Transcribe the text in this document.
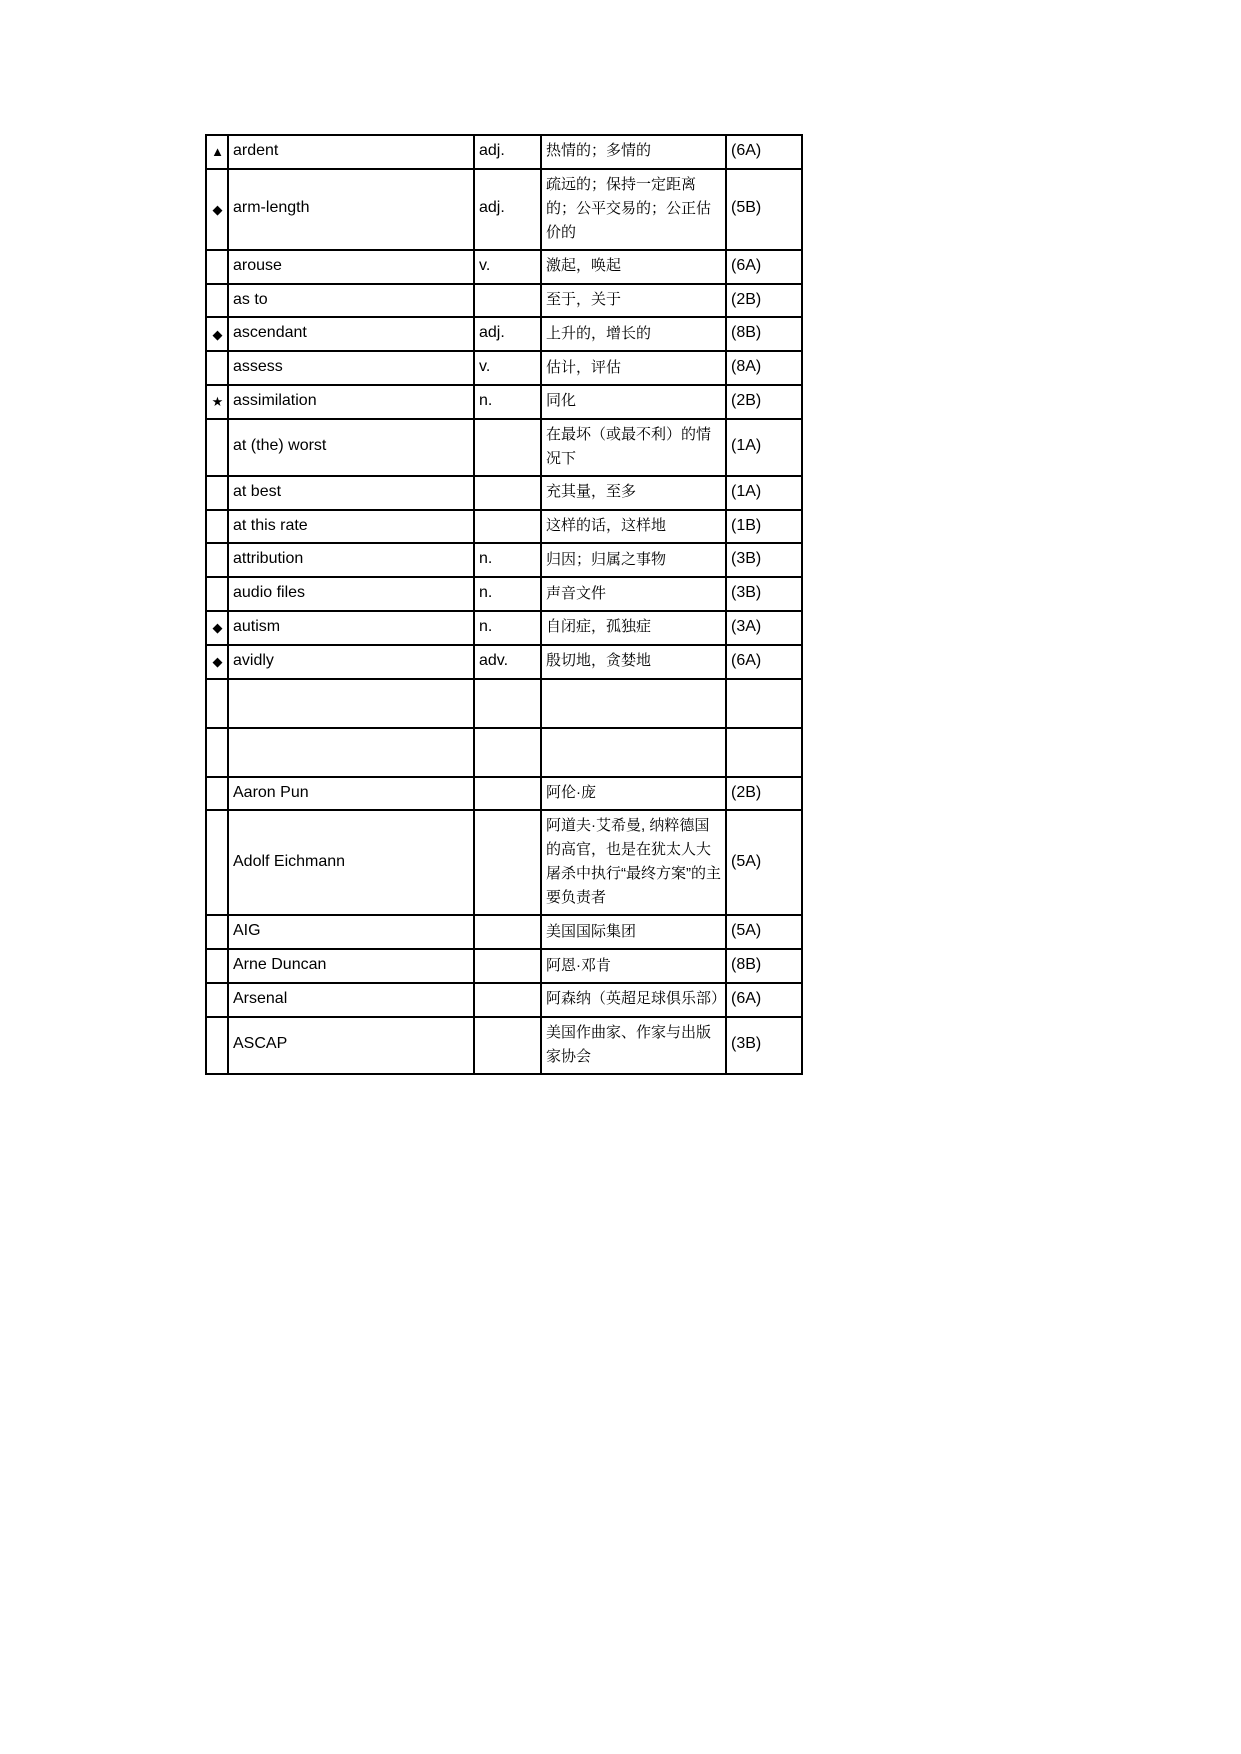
▲	ardent	adj.	热情的；多情的	(6A)
◆	arm-length	adj.	疏远的；保持一定距离的；公平交易的；公正估价的	(5B)
	arouse	v.	激起，唤起	(6A)
	as to		至于，关于	(2B)
◆	ascendant	adj.	上升的，增长的	(8B)
	assess	v.	估计，评估	(8A)
★	assimilation	n.	同化	(2B)
	at (the) worst		在最坏（或最不利）的情况下	(1A)
	at best		充其量，至多	(1A)
	at this rate		这样的话，这样地	(1B)
	attribution	n.	归因；归属之事物	(3B)
	audio files	n.	声音文件	(3B)
◆	autism	n.	自闭症，孤独症	(3A)
◆	avidly	adv.	殷切地，贪婪地	(6A)

	Aaron Pun		阿伦·庞	(2B)
	Adolf Eichmann		阿道夫·艾希曼, 纳粹德国的高官，也是在犹太人大屠杀中执行“最终方案”的主要负责者	(5A)
	AIG		美国国际集团	(5A)
	Arne Duncan		阿恩·邓肯	(8B)
	Arsenal		阿森纳（英超足球俱乐部）	(6A)
	ASCAP		美国作曲家、作家与出版家协会	(3B)
